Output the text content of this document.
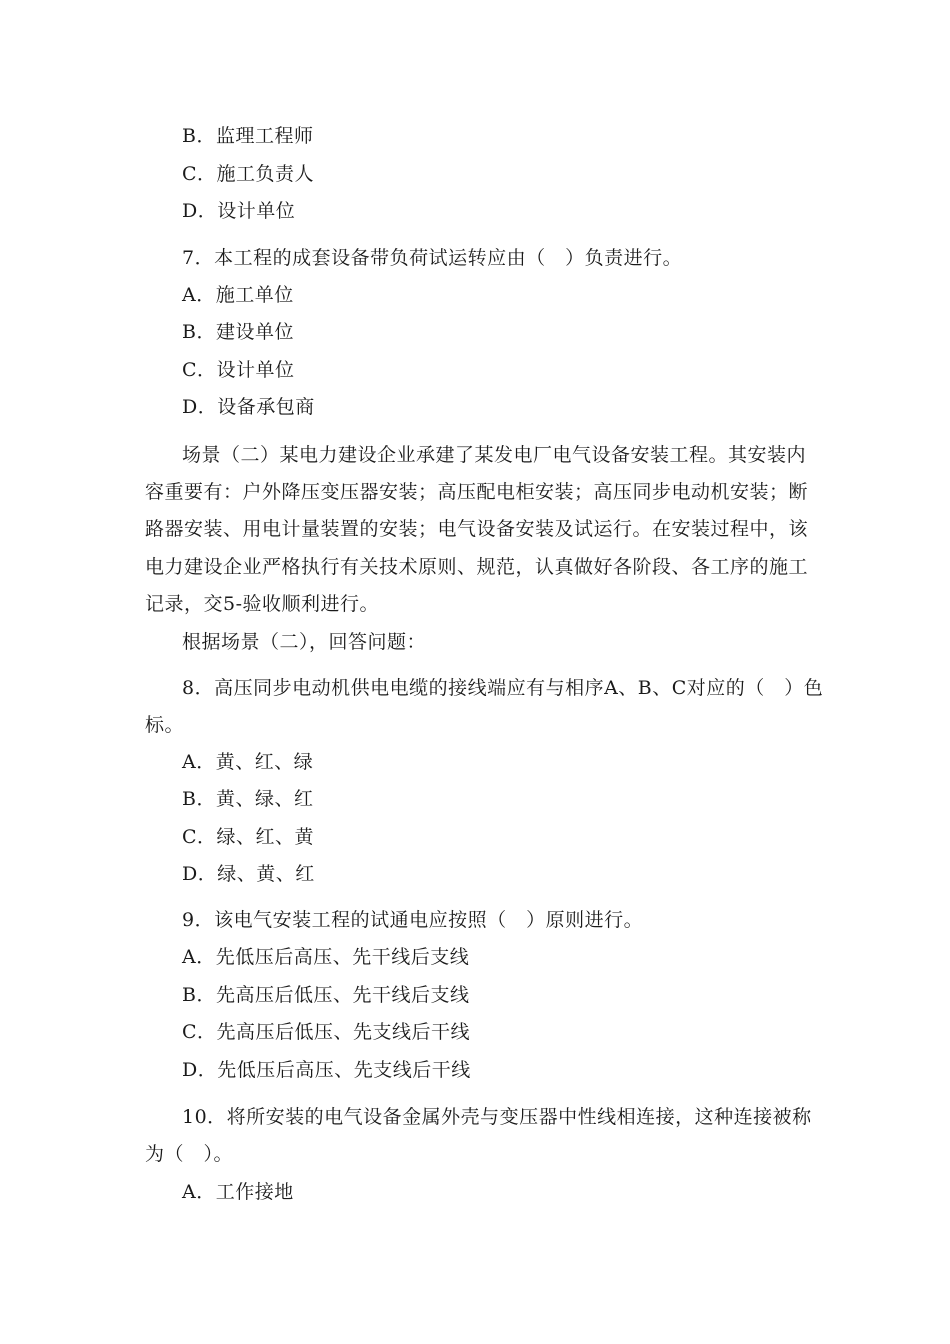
B．监理工程师
C．施工负责人
D．设计单位
7．本工程的成套设备带负荷试运转应由（　）负责进行。
A．施工单位
B．建设单位
C．设计单位
D．设备承包商
场景（二）某电力建设企业承建了某发电厂电气设备安装工程。其安装内
容重要有：户外降压变压器安装；高压配电柜安装；高压同步电动机安装；断
路器安装、用电计量装置的安装；电气设备安装及试运行。在安装过程中，该
电力建设企业严格执行有关技术原则、规范，认真做好各阶段、各工序的施工
记录，交5-验收顺利进行。
根据场景（二），回答问题：
8．高压同步电动机供电电缆的接线端应有与相序A、B、C对应的（　）色
标。
A．黄、红、绿
B．黄、绿、红
C．绿、红、黄
D．绿、黄、红
9．该电气安装工程的试通电应按照（　）原则进行。
A．先低压后高压、先干线后支线
B．先高压后低压、先干线后支线
C．先高压后低压、先支线后干线
D．先低压后高压、先支线后干线
10．将所安装的电气设备金属外壳与变压器中性线相连接，这种连接被称
为（　）。
A．工作接地
